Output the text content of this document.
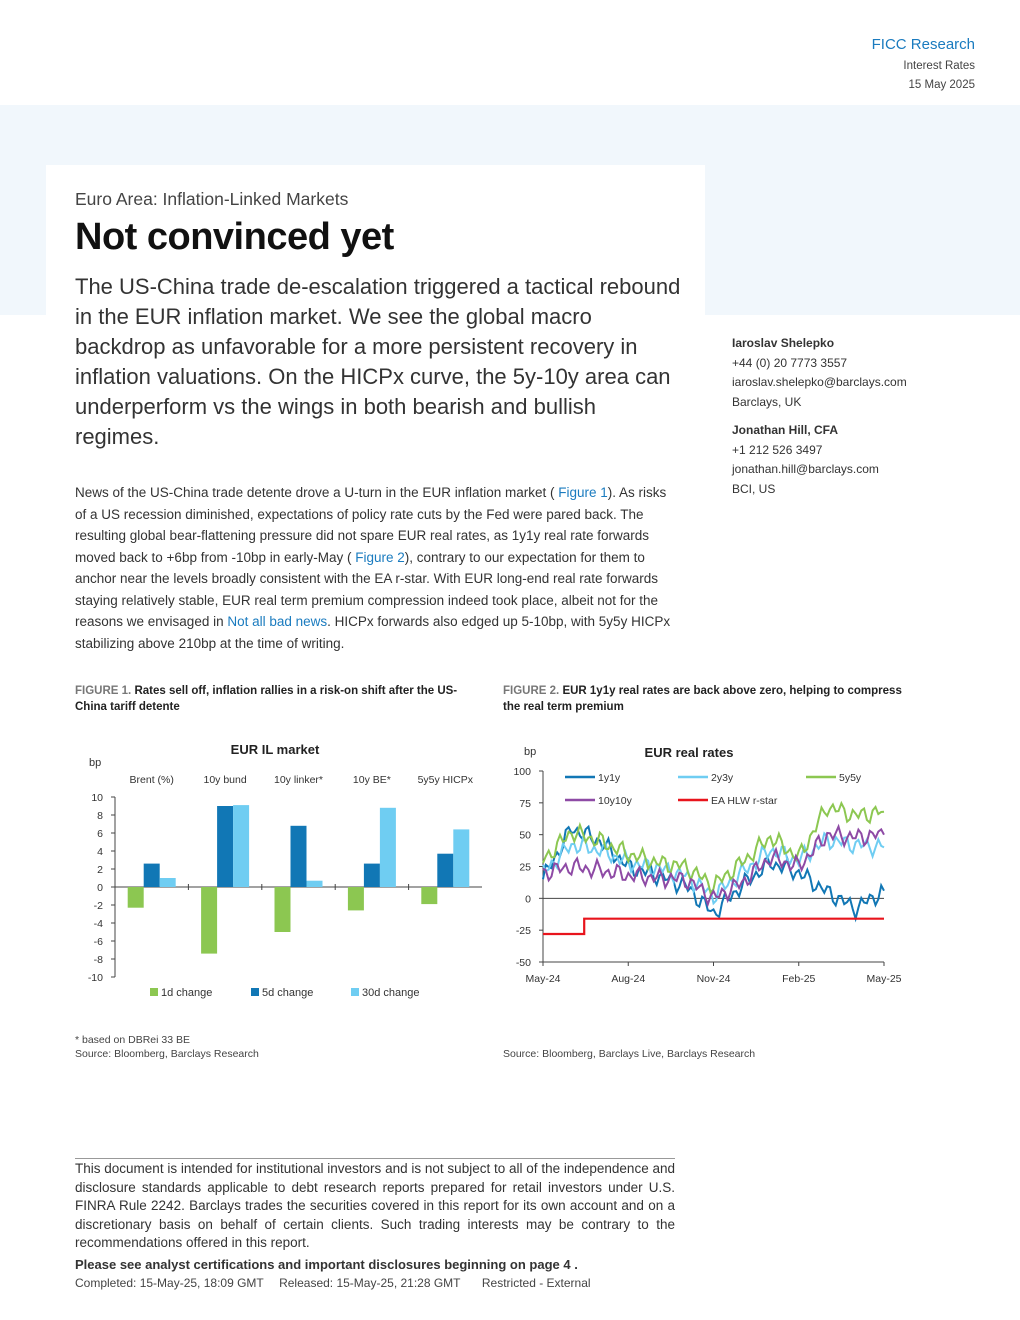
FICC Research
Interest Rates
15 May 2025
Euro Area: Inflation-Linked Markets
Not convinced yet
The US-China trade de-escalation triggered a tactical rebound in the EUR inflation market. We see the global macro backdrop as unfavorable for a more persistent recovery in inflation valuations. On the HICPx curve, the 5y-10y area can underperform vs the wings in both bearish and bullish regimes.
Iaroslav Shelepko
+44 (0) 20 7773 3557
iaroslav.shelepko@barclays.com
Barclays, UK
Jonathan Hill, CFA
+1 212 526 3497
jonathan.hill@barclays.com
BCI, US
News of the US-China trade detente drove a U-turn in the EUR inflation market ( Figure 1). As risks of a US recession diminished, expectations of policy rate cuts by the Fed were pared back. The resulting global bear-flattening pressure did not spare EUR real rates, as 1y1y real rate forwards moved back to +6bp from -10bp in early-May ( Figure 2), contrary to our expectation for them to anchor near the levels broadly consistent with the EA r-star. With EUR long-end real rate forwards staying relatively stable, EUR real term premium compression indeed took place, albeit not for the reasons we envisaged in Not all bad news. HICPx forwards also edged up 5-10bp, with 5y5y HICPx stabilizing above 210bp at the time of writing.
FIGURE 1. Rates sell off, inflation rallies in a risk-on shift after the US-China tariff detente
EUR IL market
bp
10
8
6
4
2
0
-2
-4
-6
-8
-10
Brent (%)	10y bund	10y linker*	10y BE*	5y5y HICPx
1d change	5d change	30d change
* based on DBRei 33 BE
Source: Bloomberg, Barclays Research
FIGURE 2. EUR 1y1y real rates are back above zero, helping to compress the real term premium
EUR real rates
bp
100
75
50
25
0
-25
-50
May-24	Aug-24	Nov-24	Feb-25	May-25
1y1y	2y3y	5y5y
10y10y	EA HLW r-star
Source: Bloomberg, Barclays Live, Barclays Research
This document is intended for institutional investors and is not subject to all of the independence and disclosure standards applicable to debt research reports prepared for retail investors under U.S. FINRA Rule 2242. Barclays trades the securities covered in this report for its own account and on a discretionary basis on behalf of certain clients. Such trading interests may be contrary to the recommendations offered in this report.
Please see analyst certifications and important disclosures beginning on page 4 .
Completed: 15-May-25, 18:09 GMT Released: 15-May-25, 21:28 GMT Restricted - External
